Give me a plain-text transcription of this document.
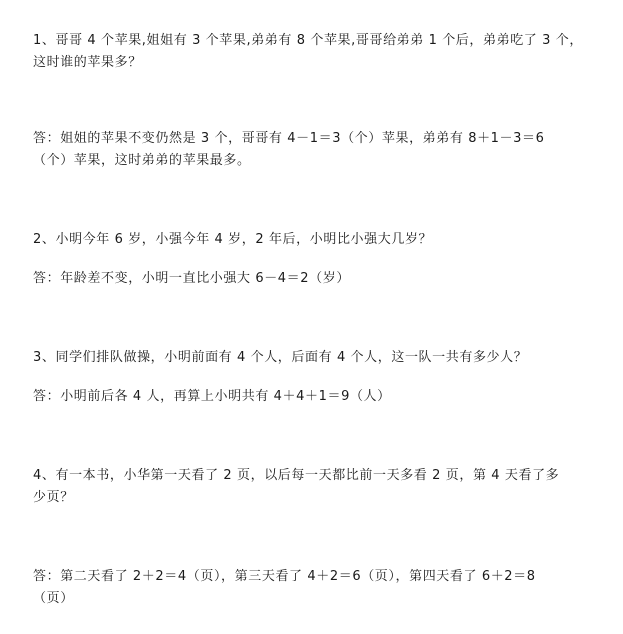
1、哥哥 4 个苹果,姐姐有 3 个苹果,弟弟有 8 个苹果,哥哥给弟弟 1 个后，弟弟吃了 3 个，
这时谁的苹果多？
答：姐姐的苹果不变仍然是 3 个，哥哥有 4－1＝3（个）苹果，弟弟有 8＋1－3＝6
（个）苹果，这时弟弟的苹果最多。
2、小明今年 6 岁，小强今年 4 岁，2 年后，小明比小强大几岁？
答：年龄差不变，小明一直比小强大 6－4＝2（岁）
3、同学们排队做操，小明前面有 4 个人，后面有 4 个人，这一队一共有多少人？
答：小明前后各 4 人，再算上小明共有 4＋4＋1＝9（人）
4、有一本书，小华第一天看了 2 页，以后每一天都比前一天多看 2 页，第 4 天看了多
少页？
答：第二天看了 2＋2＝4（页），第三天看了 4＋2＝6（页），第四天看了 6＋2＝8
（页）
